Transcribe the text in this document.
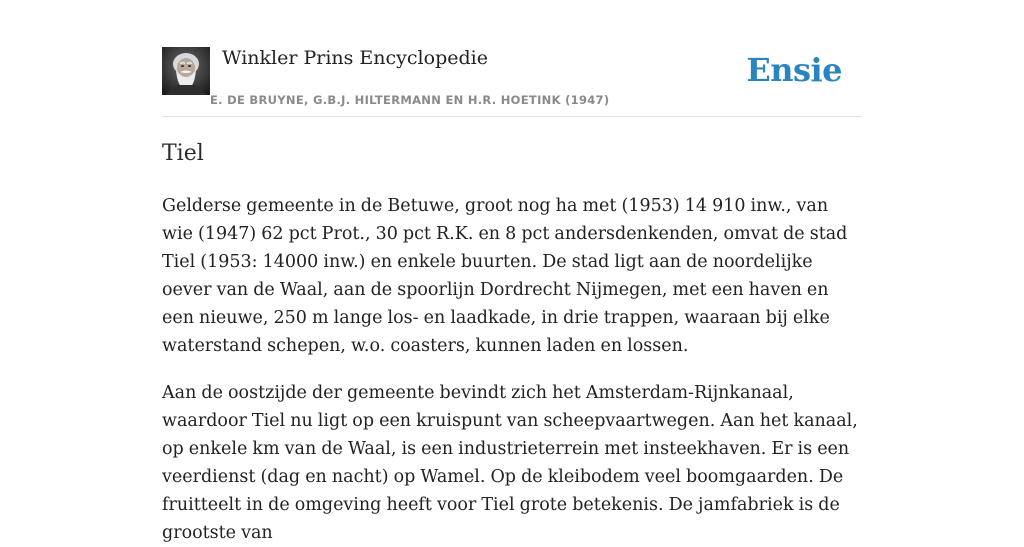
Winkler Prins Encyclopedie
E. DE BRUYNE, G.B.J. HILTERMANN EN H.R. HOETINK (1947)
Ensie
Tiel

Gelderse gemeente in de Betuwe, groot nog ha met (1953) 14 910 inw., van wie (1947) 62 pct Prot., 30 pct R.K. en 8 pct andersdenkenden, omvat de stad Tiel (1953: 14000 inw.) en enkele buurten. De stad ligt aan de noordelijke oever van de Waal, aan de spoorlijn Dordrecht Nijmegen, met een haven en een nieuwe, 250 m lange los- en laadkade, in drie trappen, waaraan bij elke waterstand schepen, w.o. coasters, kunnen laden en lossen.

Aan de oostzijde der gemeente bevindt zich het Amsterdam-Rijnkanaal, waardoor Tiel nu ligt op een kruispunt van scheepvaartwegen. Aan het kanaal, op enkele km van de Waal, is een industrieterrein met insteekhaven. Er is een veerdienst (dag en nacht) op Wamel. Op de kleibodem veel boomgaarden. De fruitteelt in de omgeving heeft voor Tiel grote betekenis. De jamfabriek is de grootste van
